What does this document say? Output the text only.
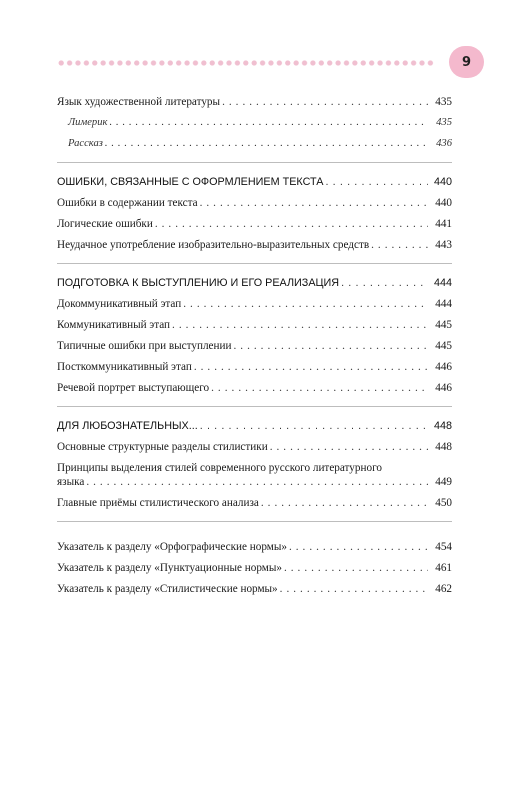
9
Язык художественной литературы . . .	435
Лимерик . . .	435
Рассказ . . .	436
ОШИБКИ, СВЯЗАННЫЕ С ОФОРМЛЕНИЕМ ТЕКСТА . . .	440
Ошибки в содержании текста . . .	440
Логические ошибки . . .	441
Неудачное употребление изобразительно-выразительных средств . . .	443
ПОДГОТОВКА К ВЫСТУПЛЕНИЮ И ЕГО РЕАЛИЗАЦИЯ . . .	444
Докоммуникативный этап . . .	444
Коммуникативный этап . . .	445
Типичные ошибки при выступлении . . .	445
Посткоммуникативный этап . . .	446
Речевой портрет выступающего . . .	446
ДЛЯ ЛЮБОЗНАТЕЛЬНЫХ... . . .	448
Основные структурные разделы стилистики . . .	448
Принципы выделения стилей современного русского литературного
языка . . .	449
Главные приёмы стилистического анализа . . .	450
Указатель к разделу «Орфографические нормы» . . .	454
Указатель к разделу «Пунктуационные нормы» . . .	461
Указатель к разделу «Стилистические нормы» . . .	462
